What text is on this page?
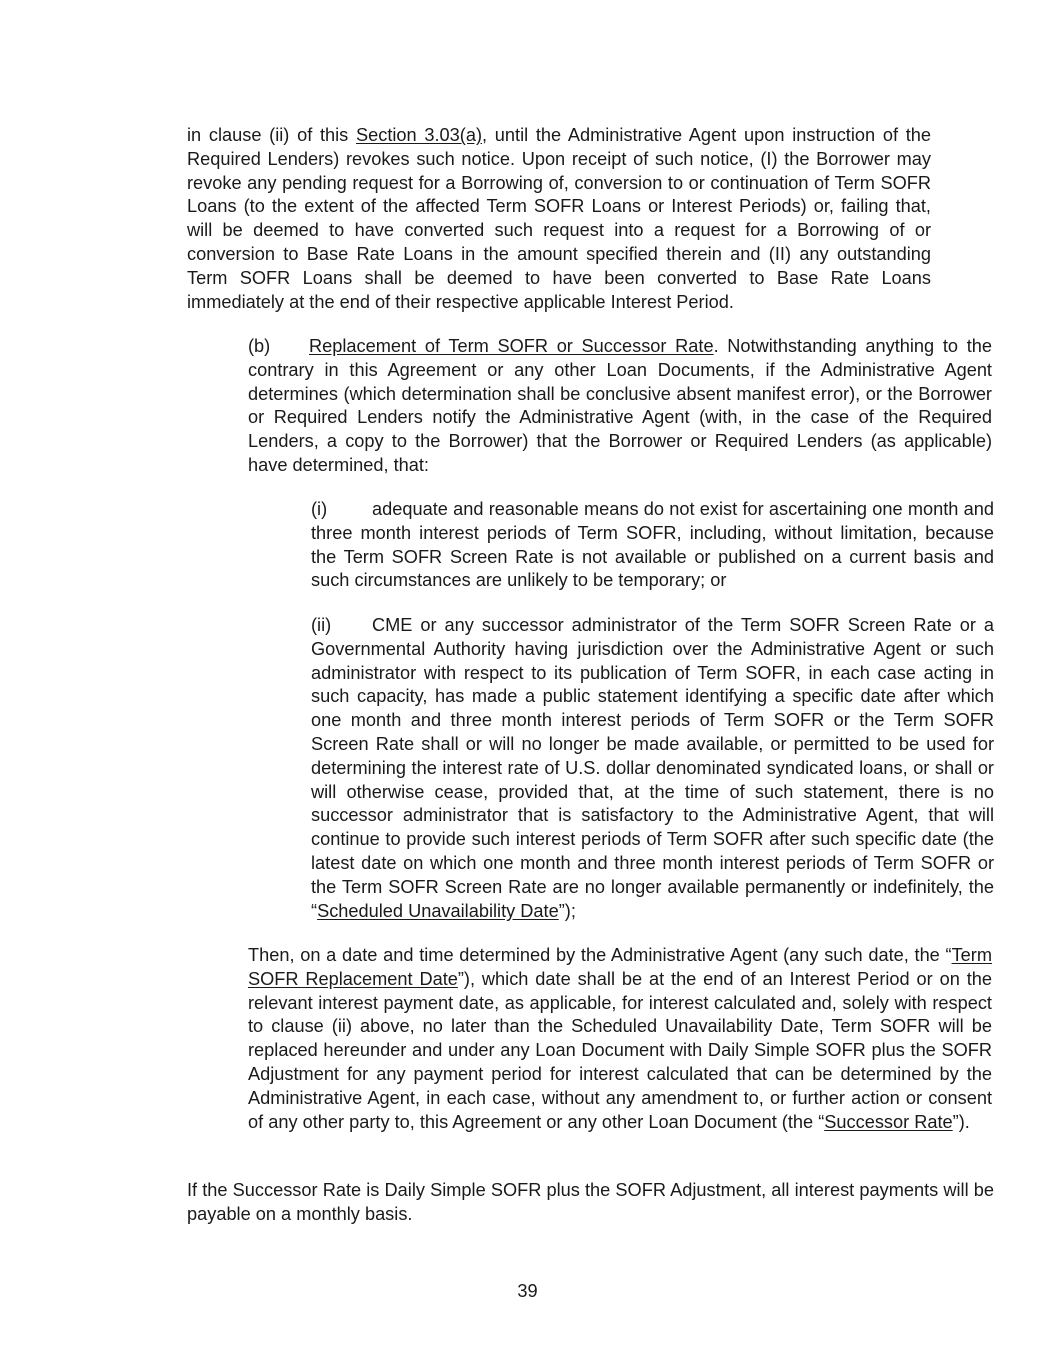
in clause (ii) of this Section 3.03(a), until the Administrative Agent upon instruction of the Required Lenders) revokes such notice. Upon receipt of such notice, (I) the Borrower may revoke any pending request for a Borrowing of, conversion to or continuation of Term SOFR Loans (to the extent of the affected Term SOFR Loans or Interest Periods) or, failing that, will be deemed to have converted such request into a request for a Borrowing of or conversion to Base Rate Loans in the amount specified therein and (II) any outstanding Term SOFR Loans shall be deemed to have been converted to Base Rate Loans immediately at the end of their respective applicable Interest Period.

(b) Replacement of Term SOFR or Successor Rate. Notwithstanding anything to the contrary in this Agreement or any other Loan Documents, if the Administrative Agent determines (which determination shall be conclusive absent manifest error), or the Borrower or Required Lenders notify the Administrative Agent (with, in the case of the Required Lenders, a copy to the Borrower) that the Borrower or Required Lenders (as applicable) have determined, that:

(i) adequate and reasonable means do not exist for ascertaining one month and three month interest periods of Term SOFR, including, without limitation, because the Term SOFR Screen Rate is not available or published on a current basis and such circumstances are unlikely to be temporary; or

(ii) CME or any successor administrator of the Term SOFR Screen Rate or a Governmental Authority having jurisdiction over the Administrative Agent or such administrator with respect to its publication of Term SOFR, in each case acting in such capacity, has made a public statement identifying a specific date after which one month and three month interest periods of Term SOFR or the Term SOFR Screen Rate shall or will no longer be made available, or permitted to be used for determining the interest rate of U.S. dollar denominated syndicated loans, or shall or will otherwise cease, provided that, at the time of such statement, there is no successor administrator that is satisfactory to the Administrative Agent, that will continue to provide such interest periods of Term SOFR after such specific date (the latest date on which one month and three month interest periods of Term SOFR or the Term SOFR Screen Rate are no longer available permanently or indefinitely, the “Scheduled Unavailability Date”);

Then, on a date and time determined by the Administrative Agent (any such date, the “Term SOFR Replacement Date”), which date shall be at the end of an Interest Period or on the relevant interest payment date, as applicable, for interest calculated and, solely with respect to clause (ii) above, no later than the Scheduled Unavailability Date, Term SOFR will be replaced hereunder and under any Loan Document with Daily Simple SOFR plus the SOFR Adjustment for any payment period for interest calculated that can be determined by the Administrative Agent, in each case, without any amendment to, or further action or consent of any other party to, this Agreement or any other Loan Document (the “Successor Rate”).

If the Successor Rate is Daily Simple SOFR plus the SOFR Adjustment, all interest payments will be payable on a monthly basis.

39
